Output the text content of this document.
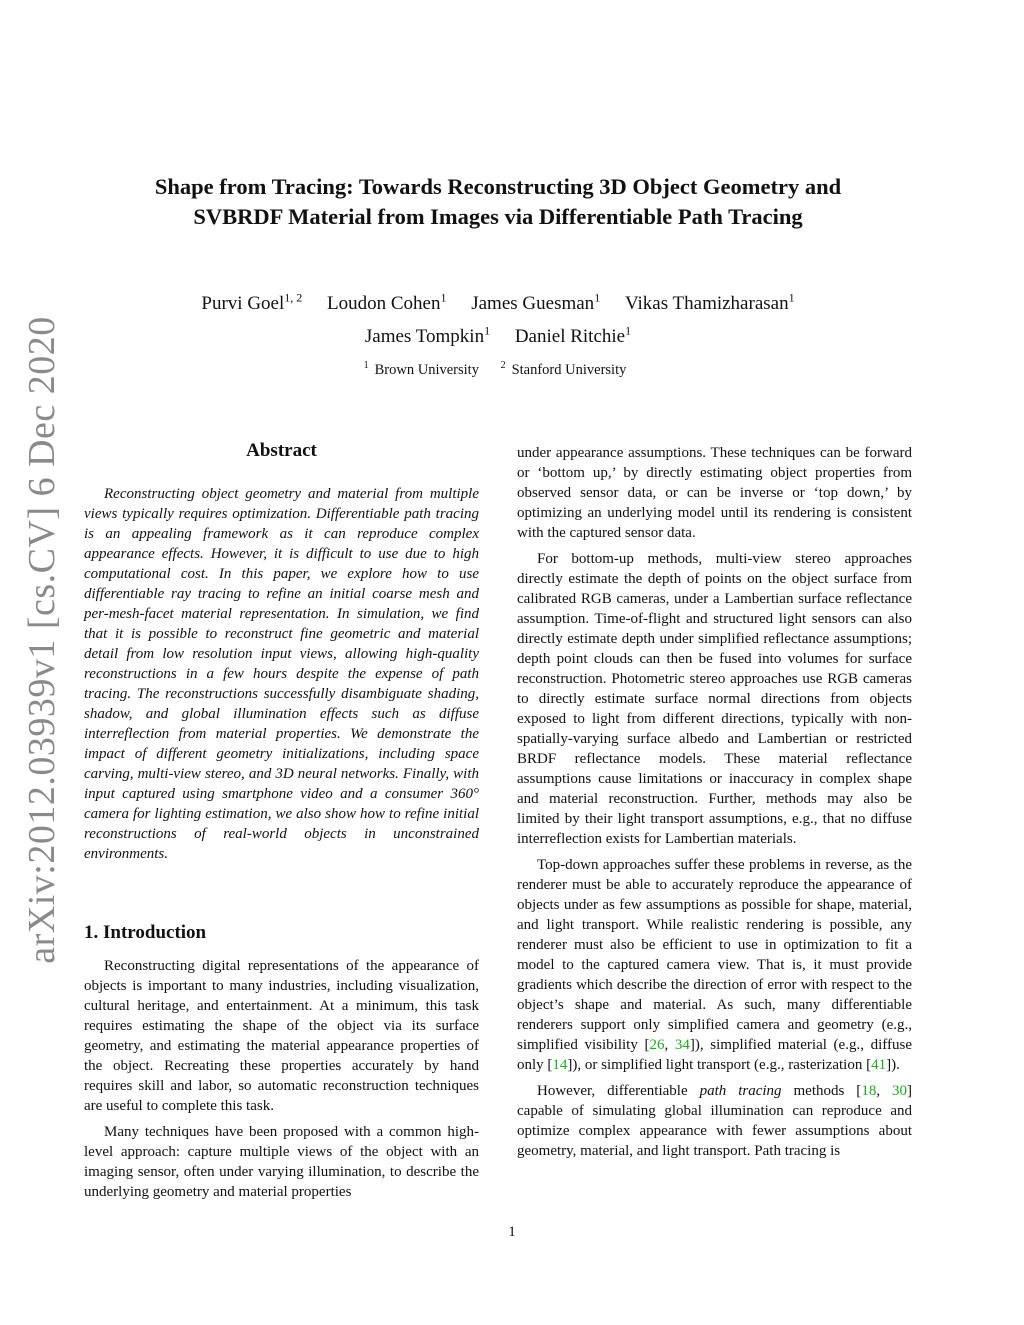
arXiv:2012.03939v1 [cs.CV] 6 Dec 2020
Shape from Tracing: Towards Reconstructing 3D Object Geometry and
SVBRDF Material from Images via Differentiable Path Tracing
Purvi Goel$^{1, 2}$ Loudon Cohen$^1$ James Guesman$^1$ Vikas Thamizharasan$^1$
James Tompkin$^1$ Daniel Ritchie$^1$
$^1$ Brown University $^2$ Stanford University
Abstract

Reconstructing object geometry and material from multiple views typically requires optimization. Differentiable path tracing is an appealing framework as it can reproduce complex appearance effects. However, it is difficult to use due to high computational cost. In this paper, we explore how to use differentiable ray tracing to refine an initial coarse mesh and per-mesh-facet material representation. In simulation, we find that it is possible to reconstruct fine geometric and material detail from low resolution input views, allowing high-quality reconstructions in a few hours despite the expense of path tracing. The reconstructions successfully disambiguate shading, shadow, and global illumination effects such as diffuse interreflection from material properties. We demonstrate the impact of different geometry initializations, including space carving, multi-view stereo, and 3D neural networks. Finally, with input captured using smartphone video and a consumer 360° camera for lighting estimation, we also show how to refine initial reconstructions of real-world objects in unconstrained environments.

1. Introduction

Reconstructing digital representations of the appearance of objects is important to many industries, including visualization, cultural heritage, and entertainment. At a minimum, this task requires estimating the shape of the object via its surface geometry, and estimating the material appearance properties of the object. Recreating these properties accurately by hand requires skill and labor, so automatic reconstruction techniques are useful to complete this task.

Many techniques have been proposed with a common high-level approach: capture multiple views of the object with an imaging sensor, often under varying illumination, to describe the underlying geometry and material properties

under appearance assumptions. These techniques can be forward or ‘bottom up,’ by directly estimating object properties from observed sensor data, or can be inverse or ‘top down,’ by optimizing an underlying model until its rendering is consistent with the captured sensor data.

For bottom-up methods, multi-view stereo approaches directly estimate the depth of points on the object surface from calibrated RGB cameras, under a Lambertian surface reflectance assumption. Time-of-flight and structured light sensors can also directly estimate depth under simplified reflectance assumptions; depth point clouds can then be fused into volumes for surface reconstruction. Photometric stereo approaches use RGB cameras to directly estimate surface normal directions from objects exposed to light from different directions, typically with non-spatially-varying surface albedo and Lambertian or restricted BRDF reflectance models. These material reflectance assumptions cause limitations or inaccuracy in complex shape and material reconstruction. Further, methods may also be limited by their light transport assumptions, e.g., that no diffuse interreflection exists for Lambertian materials.

Top-down approaches suffer these problems in reverse, as the renderer must be able to accurately reproduce the appearance of objects under as few assumptions as possible for shape, material, and light transport. While realistic rendering is possible, any renderer must also be efficient to use in optimization to fit a model to the captured camera view. That is, it must provide gradients which describe the direction of error with respect to the object’s shape and material. As such, many differentiable renderers support only simplified camera and geometry (e.g., simplified visibility [26, 34]), simplified material (e.g., diffuse only [14]), or simplified light transport (e.g., rasterization [41]).

However, differentiable path tracing methods [18, 30] capable of simulating global illumination can reproduce and optimize complex appearance with fewer assumptions about geometry, material, and light transport. Path tracing is

1
